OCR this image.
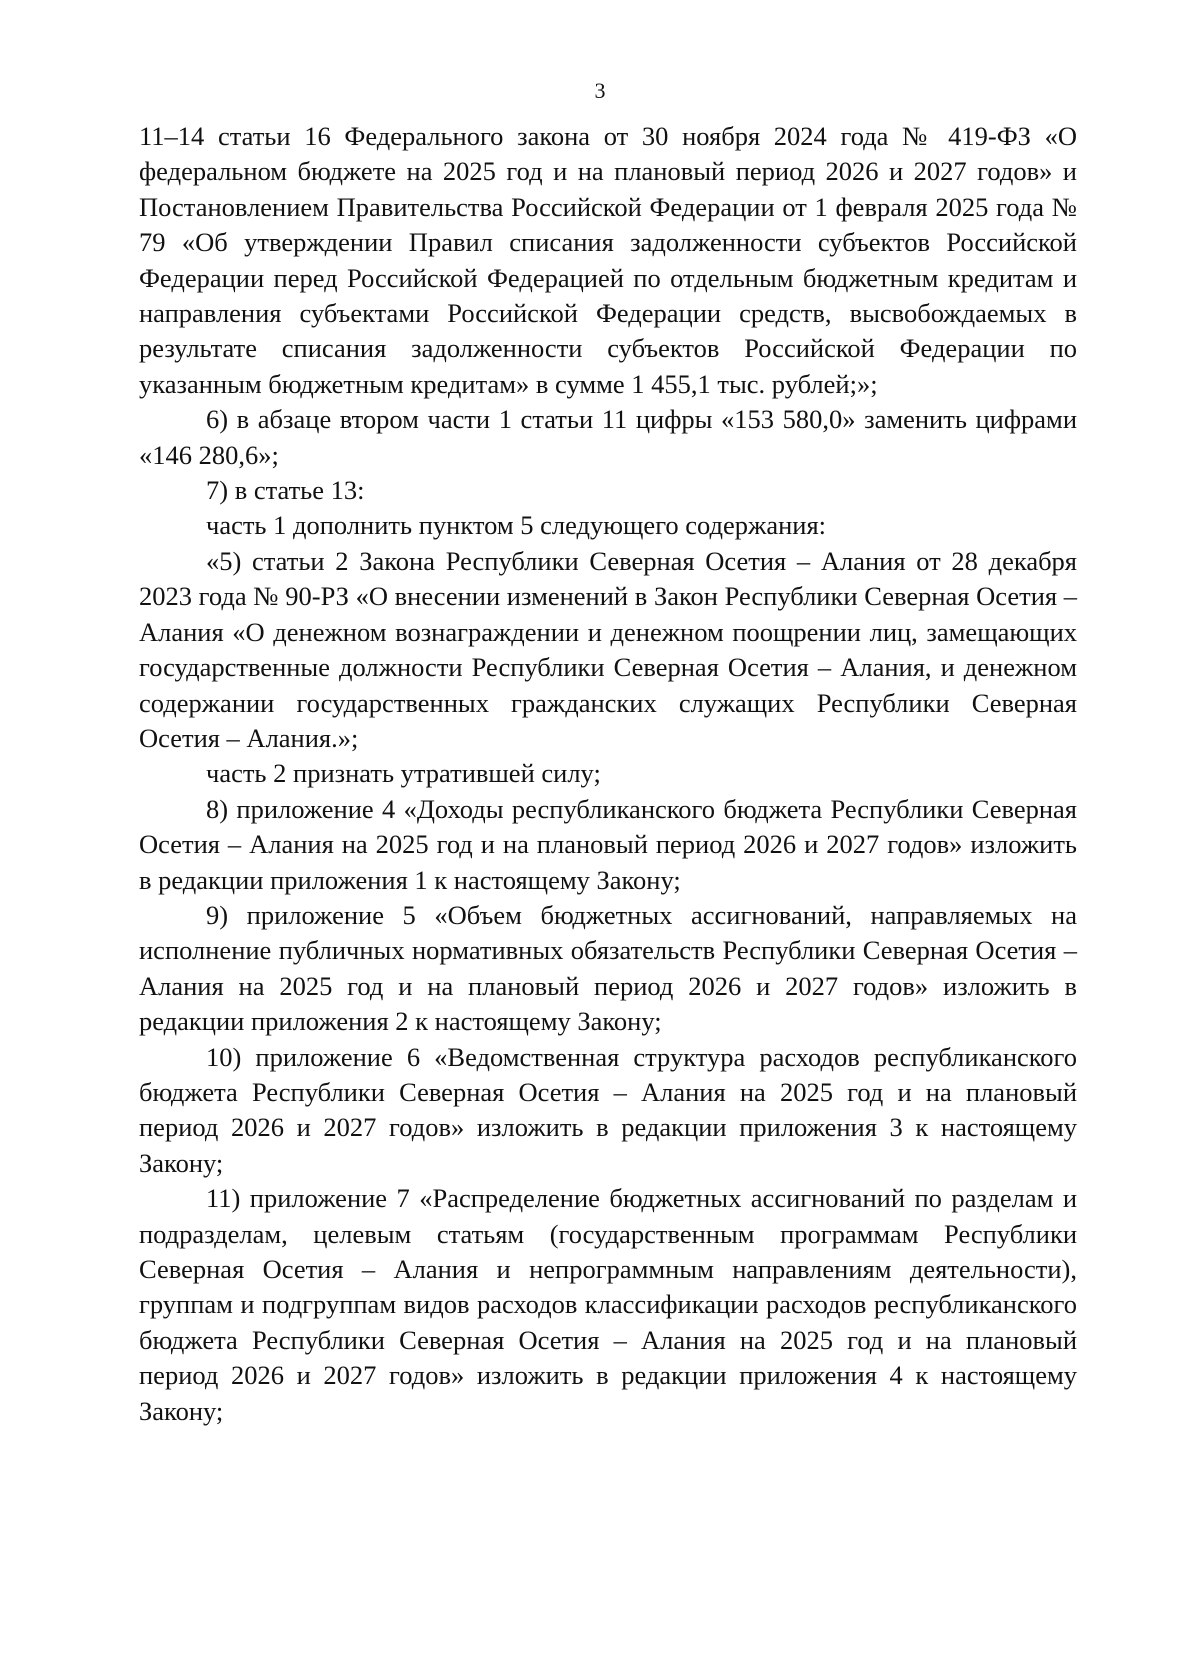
3

11–14 статьи 16 Федерального закона от 30 ноября 2024 года № 419-ФЗ «О федеральном бюджете на 2025 год и на плановый период 2026 и 2027 годов» и Постановлением Правительства Российской Федерации от 1 февраля 2025 года № 79 «Об утверждении Правил списания задолженности субъектов Российской Федерации перед Российской Федерацией по отдельным бюджетным кредитам и направления субъектами Российской Федерации средств, высвобождаемых в результате списания задолженности субъектов Российской Федерации по указанным бюджетным кредитам» в сумме 1 455,1 тыс. рублей;»;

6) в абзаце втором части 1 статьи 11 цифры «153 580,0» заменить цифрами «146 280,6»;

7) в статье 13:

часть 1 дополнить пунктом 5 следующего содержания:

«5) статьи 2 Закона Республики Северная Осетия – Алания от 28 декабря 2023 года № 90-РЗ «О внесении изменений в Закон Республики Северная Осетия – Алания «О денежном вознаграждении и денежном поощрении лиц, замещающих государственные должности Республики Северная Осетия – Алания, и денежном содержании государственных гражданских служащих Республики Северная Осетия – Алания.»;

часть 2 признать утратившей силу;

8) приложение 4 «Доходы республиканского бюджета Республики Северная Осетия – Алания на 2025 год и на плановый период 2026 и 2027 годов» изложить в редакции приложения 1 к настоящему Закону;

9) приложение 5 «Объем бюджетных ассигнований, направляемых на исполнение публичных нормативных обязательств Республики Северная Осетия – Алания на 2025 год и на плановый период 2026 и 2027 годов» изложить в редакции приложения 2 к настоящему Закону;

10) приложение 6 «Ведомственная структура расходов республиканского бюджета Республики Северная Осетия – Алания на 2025 год и на плановый период 2026 и 2027 годов» изложить в редакции приложения 3 к настоящему Закону;

11) приложение 7 «Распределение бюджетных ассигнований по разделам и подразделам, целевым статьям (государственным программам Республики Северная Осетия – Алания и непрограммным направлениям деятельности), группам и подгруппам видов расходов классификации расходов республиканского бюджета Республики Северная Осетия – Алания на 2025 год и на плановый период 2026 и 2027 годов» изложить в редакции приложения 4 к настоящему Закону;
